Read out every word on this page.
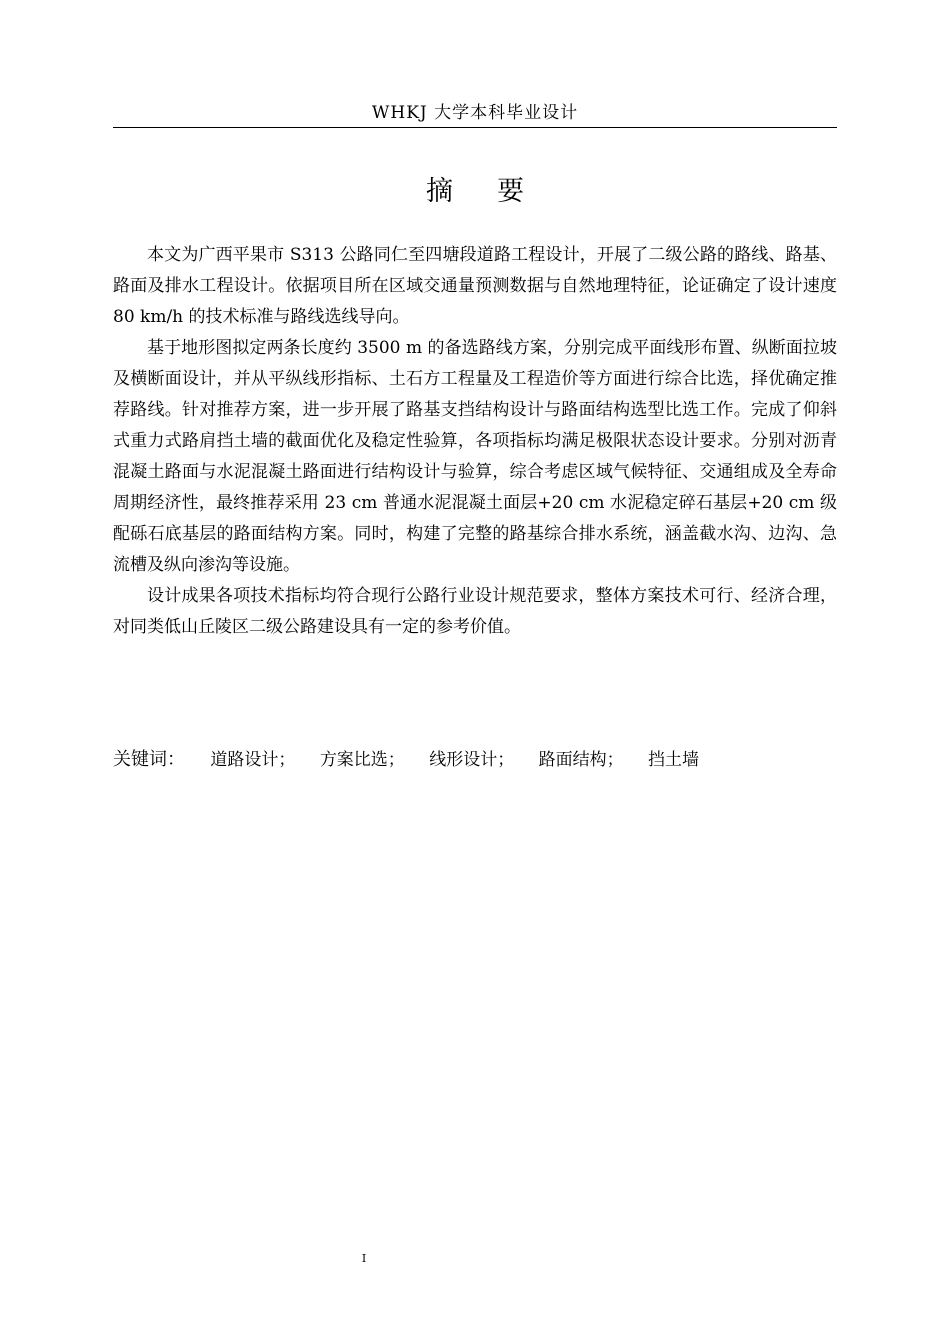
WHKJ 大学本科毕业设计
摘要

本文为广西平果市 S313 公路同仁至四塘段道路工程设计，开展了二级公路的路线、路基、路面及排水工程设计。依据项目所在区域交通量预测数据与自然地理特征，论证确定了设计速度 80 km/h 的技术标准与路线选线导向。

基于地形图拟定两条长度约 3500 m 的备选路线方案，分别完成平面线形布置、纵断面拉坡及横断面设计，并从平纵线形指标、土石方工程量及工程造价等方面进行综合比选，择优确定推荐路线。针对推荐方案，进一步开展了路基支挡结构设计与路面结构选型比选工作。完成了仰斜式重力式路肩挡土墙的截面优化及稳定性验算，各项指标均满足极限状态设计要求。分别对沥青混凝土路面与水泥混凝土路面进行结构设计与验算，综合考虑区域气候特征、交通组成及全寿命周期经济性，最终推荐采用 23 cm 普通水泥混凝土面层+20 cm 水泥稳定碎石基层+20 cm 级配砾石底基层的路面结构方案。同时，构建了完整的路基综合排水系统，涵盖截水沟、边沟、急流槽及纵向渗沟等设施。

设计成果各项技术指标均符合现行公路行业设计规范要求，整体方案技术可行、经济合理，对同类低山丘陵区二级公路建设具有一定的参考价值。

关键词： 道路设计； 方案比选； 线形设计； 路面结构； 挡土墙
I
